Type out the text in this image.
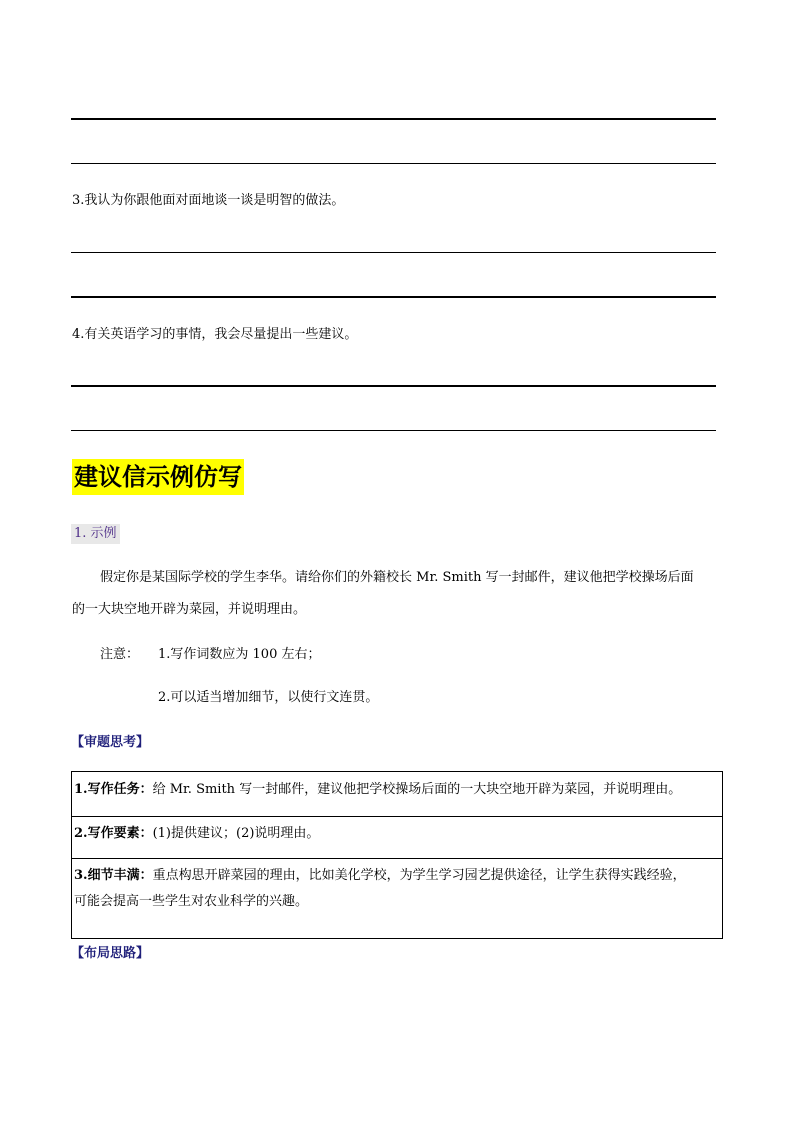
3.我认为你跟他面对面地谈一谈是明智的做法。
4.有关英语学习的事情，我会尽量提出一些建议。
建议信示例仿写
1. 示例
假定你是某国际学校的学生李华。请给你们的外籍校长 Mr. Smith 写一封邮件，建议他把学校操场后面
的一大块空地开辟为菜园，并说明理由。
注意： 1.写作词数应为 100 左右；
2.可以适当增加细节，以使行文连贯。
【审题思考】
1.写作任务：给 Mr. Smith 写一封邮件，建议他把学校操场后面的一大块空地开辟为菜园，并说明理由。
2.写作要素：(1)提供建议；(2)说明理由。
3.细节丰满：重点构思开辟菜园的理由，比如美化学校，为学生学习园艺提供途径，让学生获得实践经验，
可能会提高一些学生对农业科学的兴趣。
【布局思路】
